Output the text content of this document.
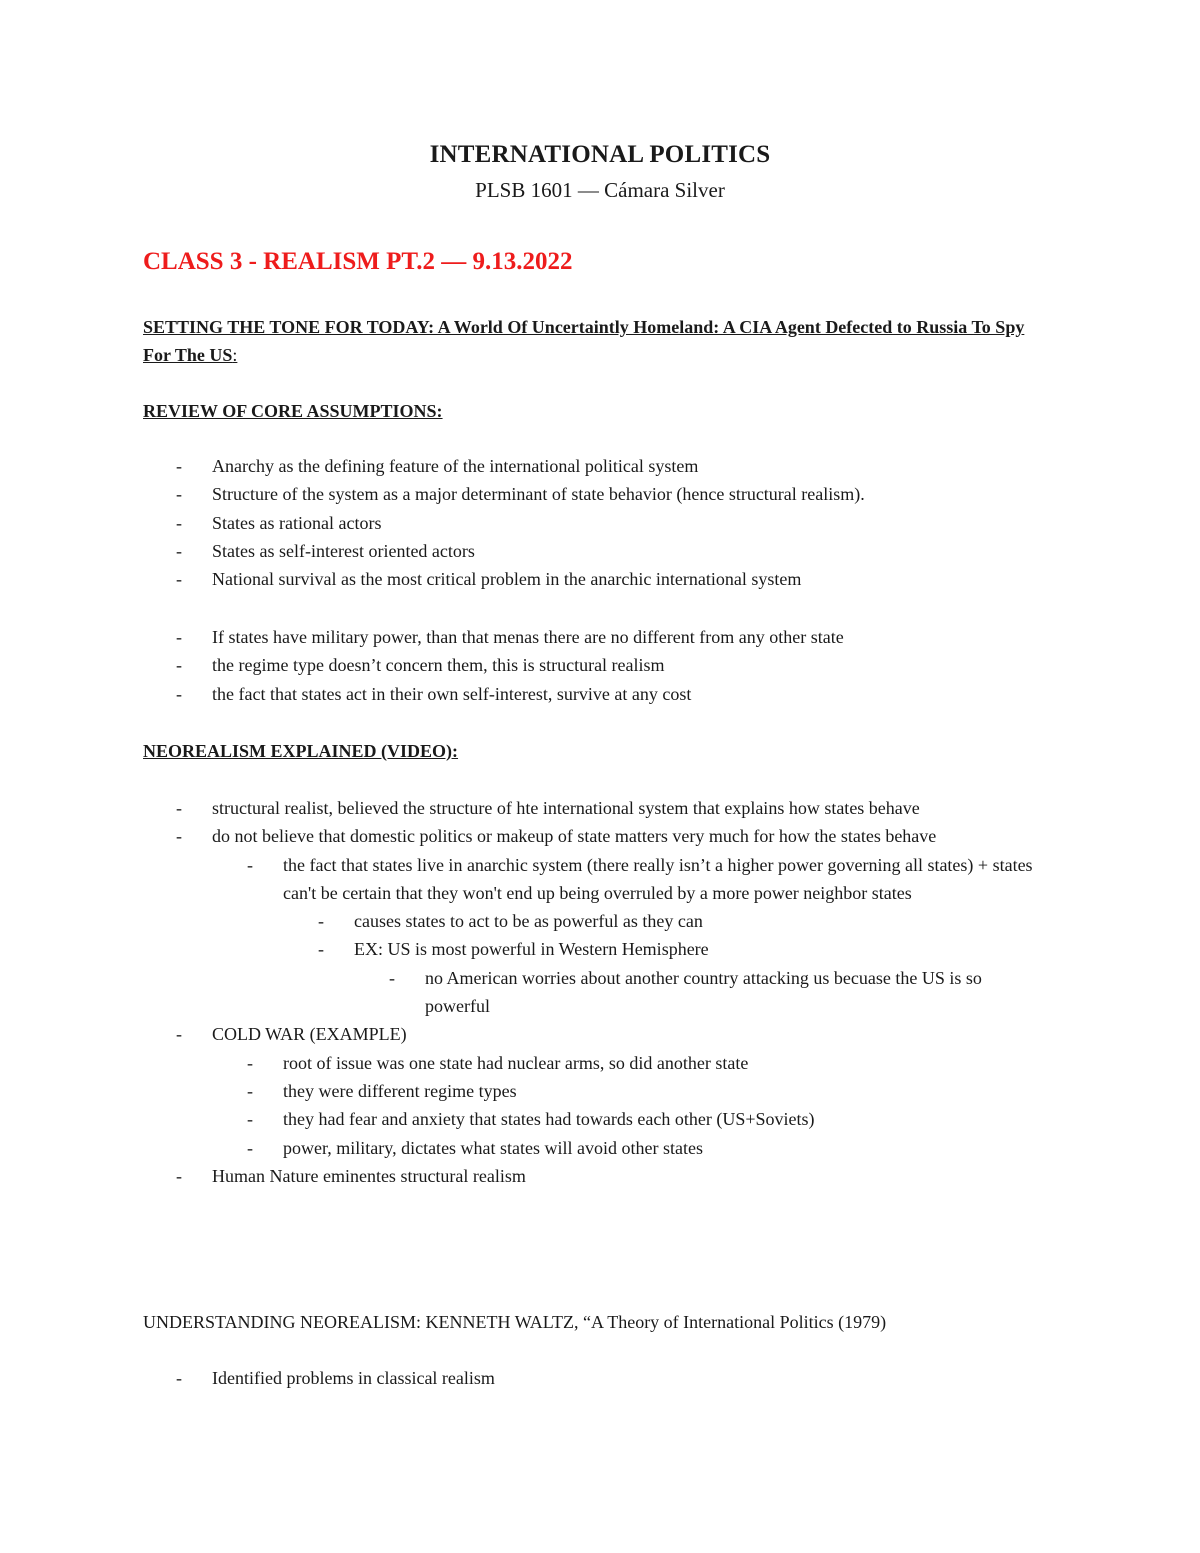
INTERNATIONAL POLITICS
PLSB 1601 — Cámara Silver
CLASS 3 - REALISM PT.2 — 9.13.2022
SETTING THE TONE FOR TODAY: A World Of Uncertaintly Homeland: A CIA Agent Defected to Russia To Spy For The US:
REVIEW OF CORE ASSUMPTIONS:
- Anarchy as the defining feature of the international political system
- Structure of the system as a major determinant of state behavior (hence structural realism).
- States as rational actors
- States as self-interest oriented actors
- National survival as the most critical problem in the anarchic international system
- If states have military power, than that menas there are no different from any other state
- the regime type doesn’t concern them, this is structural realism
- the fact that states act in their own self-interest, survive at any cost
NEOREALISM EXPLAINED (VIDEO):
- structural realist, believed the structure of hte international system that explains how states behave
- do not believe that domestic politics or makeup of state matters very much for how the states behave
- the fact that states live in anarchic system (there really isn’t a higher power governing all states) + states can't be certain that they won't end up being overruled by a more power neighbor states
- causes states to act to be as powerful as they can
- EX: US is most powerful in Western Hemisphere
- no American worries about another country attacking us becuase the US is so powerful
- COLD WAR (EXAMPLE)
- root of issue was one state had nuclear arms, so did another state
- they were different regime types
- they had fear and anxiety that states had towards each other (US+Soviets)
- power, military, dictates what states will avoid other states
- Human Nature eminentes structural realism
UNDERSTANDING NEOREALISM: KENNETH WALTZ, “A Theory of International Politics (1979)
- Identified problems in classical realism
